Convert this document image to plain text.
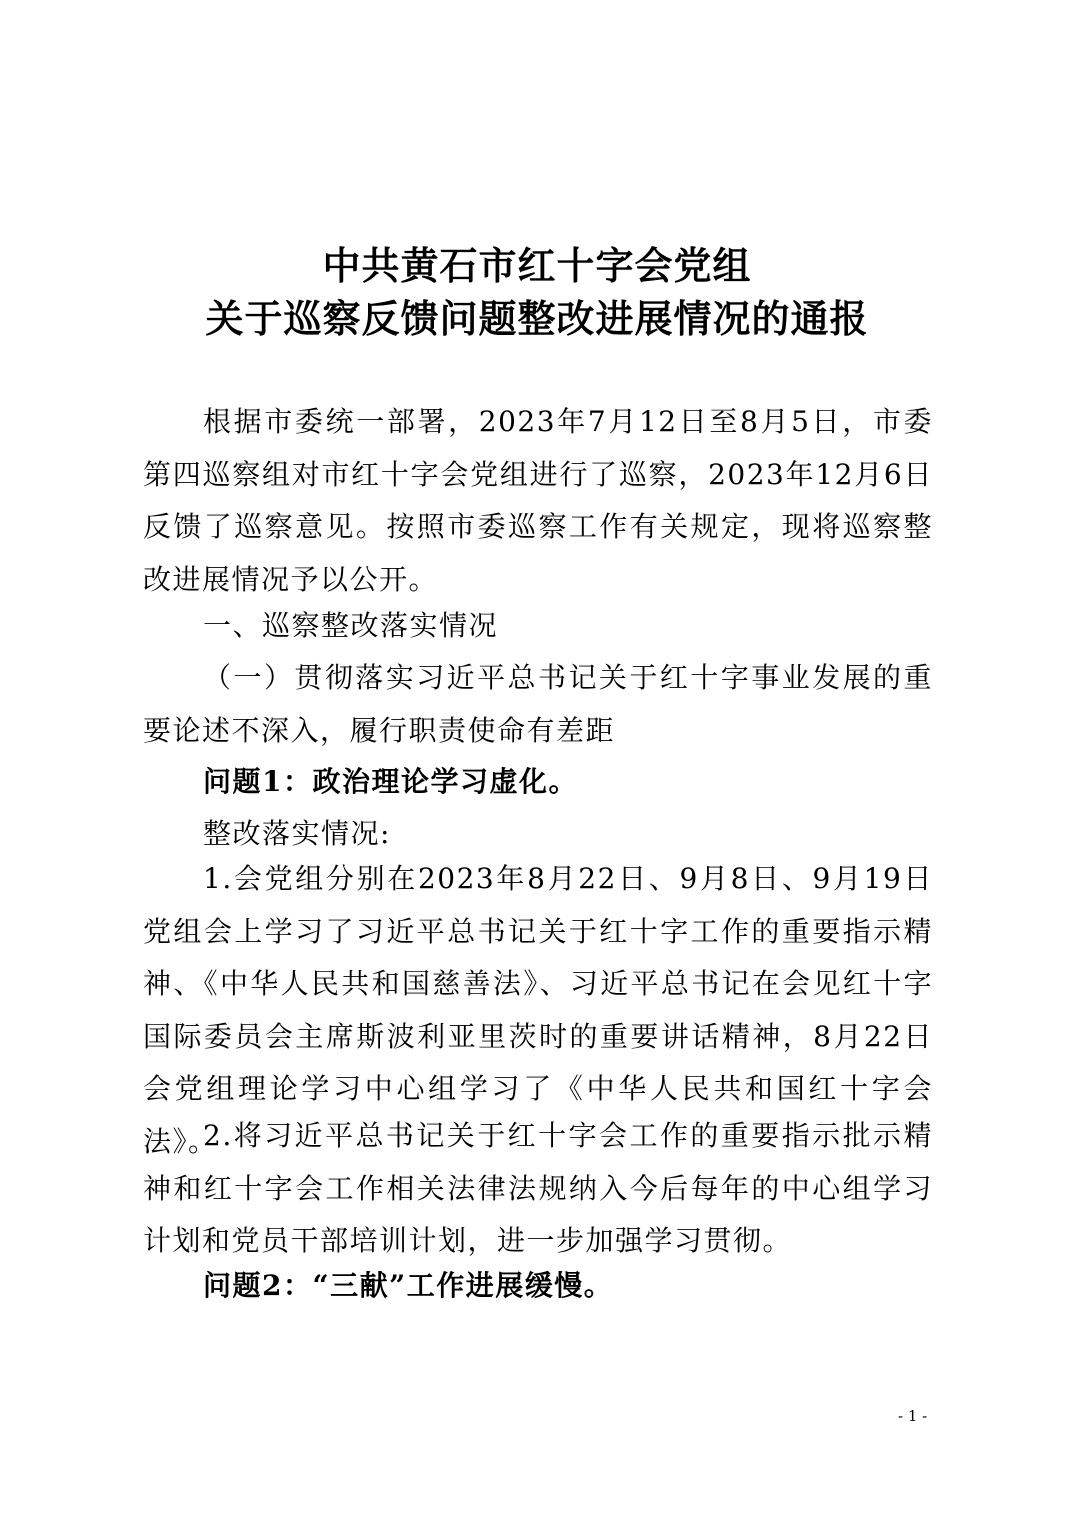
中共黄石市红十字会党组
关于巡察反馈问题整改进展情况的通报
根据市委统一部署，2023年7月12日至8月5日，市委第四巡察组对市红十字会党组进行了巡察，2023年12月6日反馈了巡察意见。按照市委巡察工作有关规定，现将巡察整改进展情况予以公开。
一、巡察整改落实情况
（一）贯彻落实习近平总书记关于红十字事业发展的重要论述不深入，履行职责使命有差距
问题1：政治理论学习虚化。
整改落实情况:
1.会党组分别在2023年8月22日、9月8日、9月19日党组会上学习了习近平总书记关于红十字工作的重要指示精神、《中华人民共和国慈善法》、习近平总书记在会见红十字国际委员会主席斯波利亚里茨时的重要讲话精神，8月22日会党组理论学习中心组学习了《中华人民共和国红十字会法》。
2.将习近平总书记关于红十字会工作的重要指示批示精神和红十字会工作相关法律法规纳入今后每年的中心组学习计划和党员干部培训计划，进一步加强学习贯彻。
问题2：“三献”工作进展缓慢。
- 1 -
